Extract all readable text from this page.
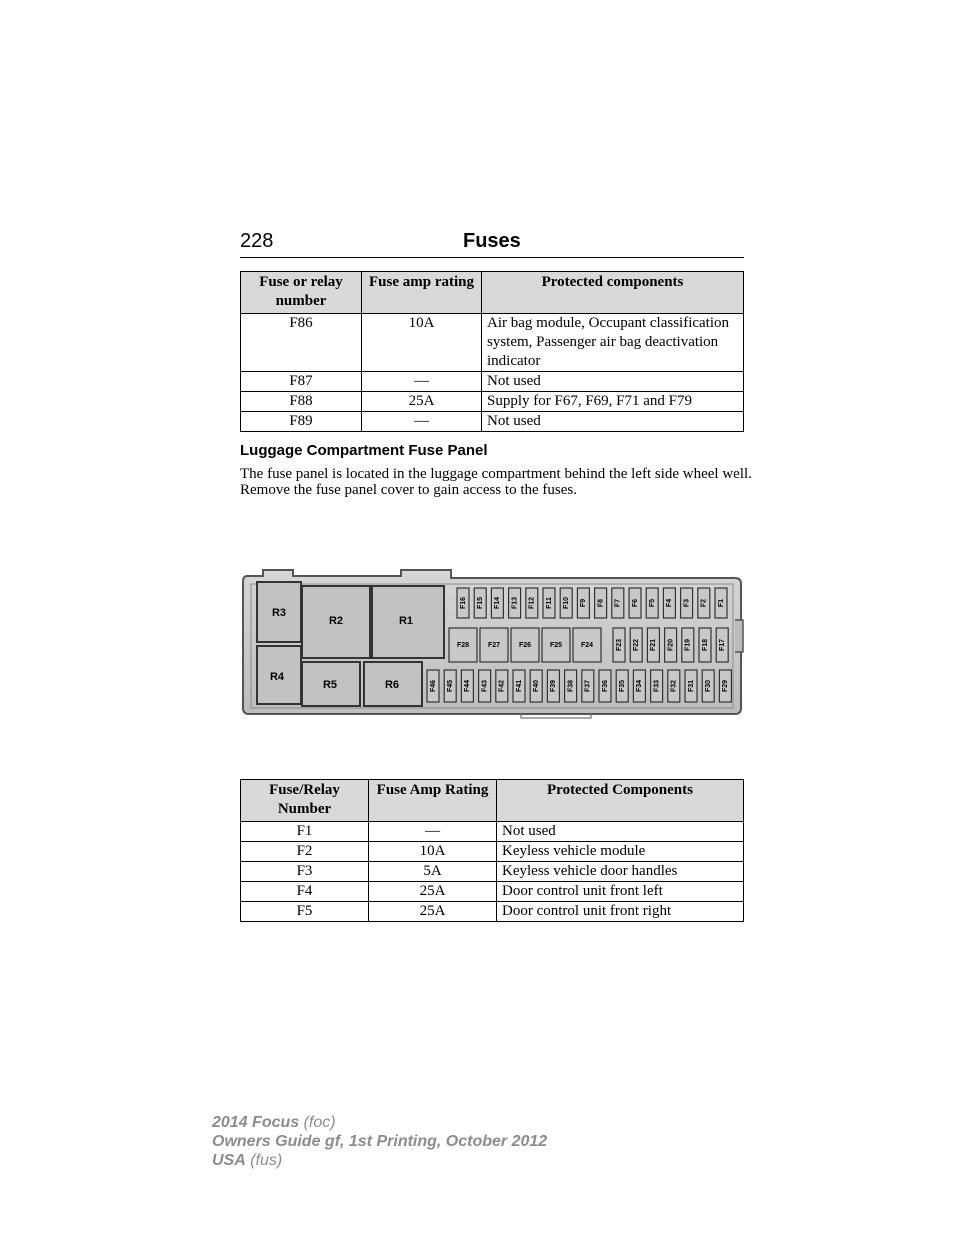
228	Fuses
Fuse or relay number	Fuse amp rating	Protected components
F86	10A	Air bag module, Occupant classification system, Passenger air bag deactivation indicator
F87	—	Not used
F88	25A	Supply for F67, F69, F71 and F79
F89	—	Not used
Luggage Compartment Fuse Panel
The fuse panel is located in the luggage compartment behind the left side wheel well. Remove the fuse panel cover to gain access to the fuses.
R3
R2	R1
R4
R5	R6
F16 F15 F14 F13 F12 F11 F10 F9 F8 F7 F6 F5 F4 F3 F2 F1
F28	F27	F26	F25	F24	F23 F22 F21 F20 F19 F18 F17
F46 F45 F44 F43 F42 F41 F40 F39 F38 F37 F36 F35 F34 F33 F32 F31 F30 F29
Fuse/Relay Number	Fuse Amp Rating	Protected Components
F1	—	Not used
F2	10A	Keyless vehicle module
F3	5A	Keyless vehicle door handles
F4	25A	Door control unit front left
F5	25A	Door control unit front right
2014 Focus (foc)
Owners Guide gf, 1st Printing, October 2012
USA (fus)
